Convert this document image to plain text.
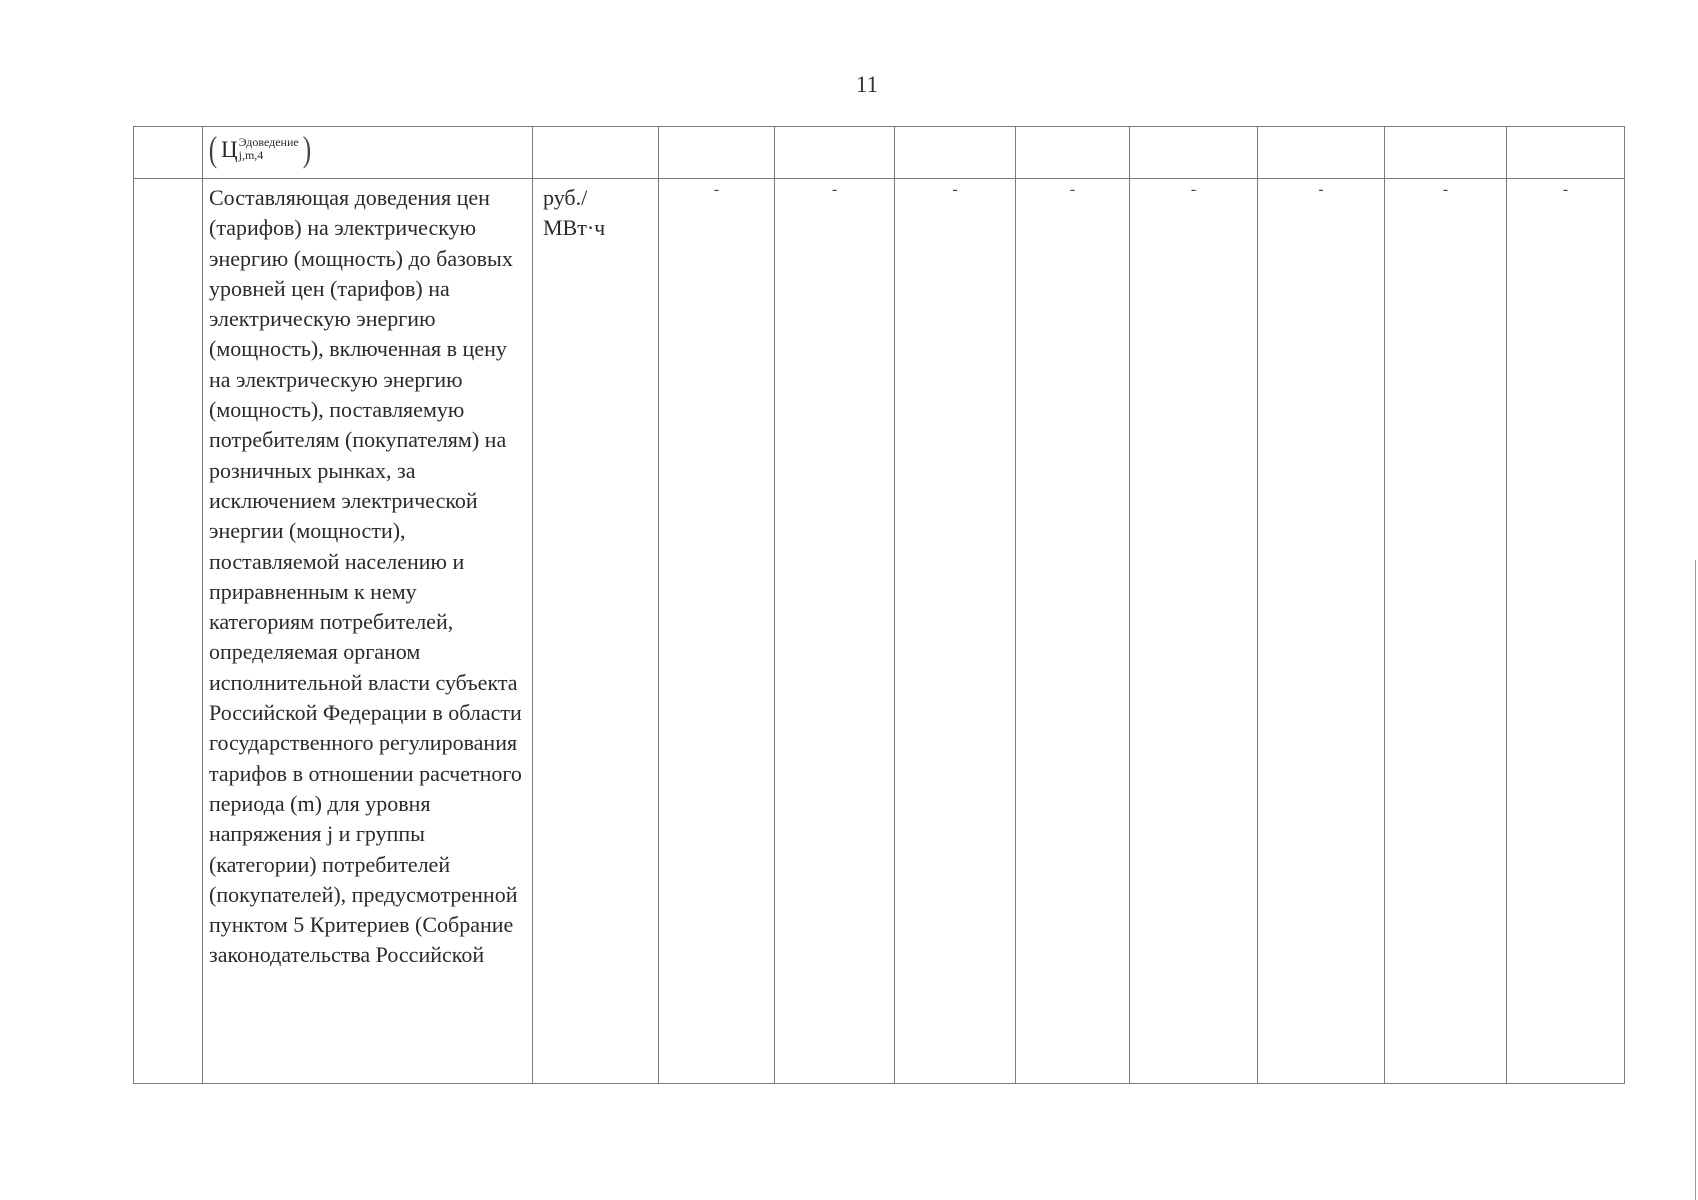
11

	( Ц Эдоведение
j,m,4 )									

	Составляющая доведения цен (тарифов) на электрическую энергию (мощность) до базовых уровней цен (тарифов) на электрическую энергию (мощность), включенная в цену на электрическую энергию (мощность), поставляемую потребителям (покупателям) на розничных рынках, за исключением электрической энергии (мощности), поставляемой населению и приравненным к нему категориям потребителей, определяемая органом исполнительной власти субъекта Российской Федерации в области государственного регулирования тарифов в отношении расчетного периода (m) для уровня напряжения j и группы (категории) потребителей (покупателей), предусмотренной пунктом 5 Критериев (Собрание законодательства Российской	руб./
МВт·ч	-	-	-	-	-	-	-	-
